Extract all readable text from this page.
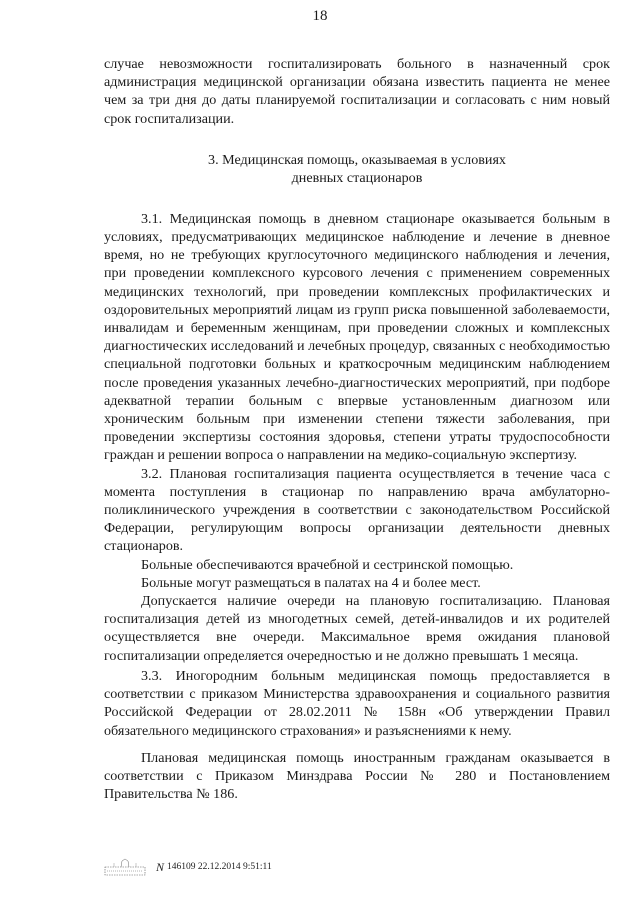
18

случае невозможности госпитализировать больного в назначенный срок администрация медицинской организации обязана известить пациента не менее чем за три дня до даты планируемой госпитализации и согласовать с ним новый срок госпитализации.

3. Медицинская помощь, оказываемая в условиях
дневных стационаров

3.1. Медицинская помощь в дневном стационаре оказывается больным в условиях, предусматривающих медицинское наблюдение и лечение в дневное время, но не требующих круглосуточного медицинского наблюдения и лечения, при проведении комплексного курсового лечения с применением современных медицинских технологий, при проведении комплексных профилактических и оздоровительных мероприятий лицам из групп риска повышенной заболеваемости, инвалидам и беременным женщинам, при проведении сложных и комплексных диагностических исследований и лечебных процедур, связанных с необходимостью специальной подготовки больных и краткосрочным медицинским наблюдением после проведения указанных лечебно-диагностических мероприятий, при подборе адекватной терапии больным с впервые установленным диагнозом или хроническим больным при изменении степени тяжести заболевания, при проведении экспертизы состояния здоровья, степени утраты трудоспособности граждан и решении вопроса о направлении на медико-социальную экспертизу.

3.2. Плановая госпитализация пациента осуществляется в течение часа с момента поступления в стационар по направлению врача амбулаторно-поликлинического учреждения в соответствии с законодательством Российской Федерации, регулирующим вопросы организации деятельности дневных стационаров.

Больные обеспечиваются врачебной и сестринской помощью.

Больные могут размещаться в палатах на 4 и более мест.

Допускается наличие очереди на плановую госпитализацию. Плановая госпитализация детей из многодетных семей, детей-инвалидов и их родителей осуществляется вне очереди. Максимальное время ожидания плановой госпитализации определяется очередностью и не должно превышать 1 месяца.

3.3. Иногородним больным медицинская помощь предоставляется в соответствии с приказом Министерства здравоохранения и социального развития Российской Федерации от 28.02.2011 № 158н «Об утверждении Правил обязательного медицинского страхования» и разъяснениями к нему.

Плановая медицинская помощь иностранным гражданам оказывается в соответствии с Приказом Минздрава России № 280 и Постановлением Правительства № 186.

N 146109 22.12.2014 9:51:11
